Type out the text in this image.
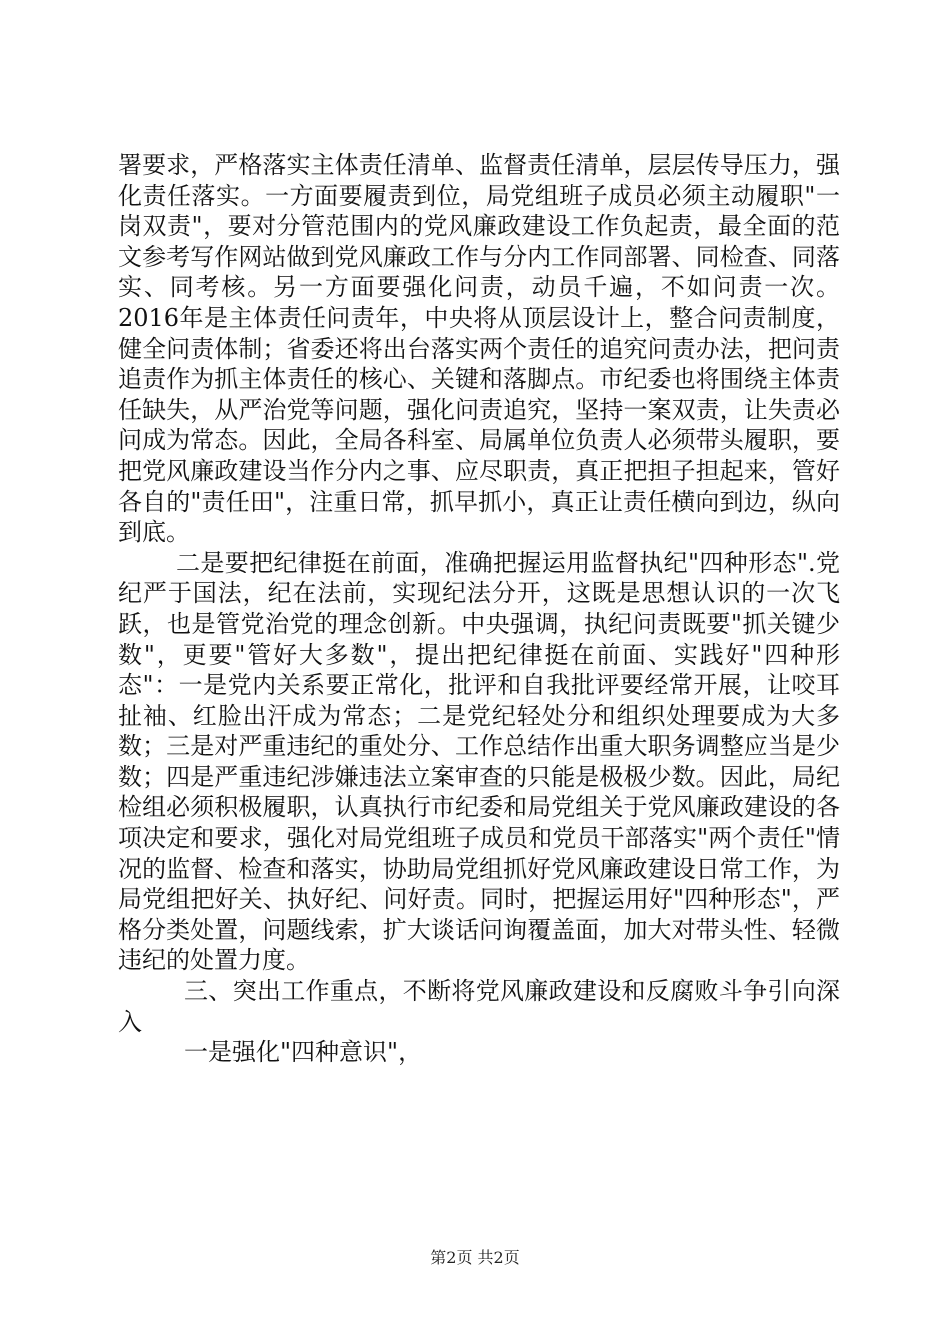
署要求，严格落实主体责任清单、监督责任清单，层层传导压力，强化责任落实。一方面要履责到位，局党组班子成员必须主动履职"一岗双责"，要对分管范围内的党风廉政建设工作负起责，最全面的范文参考写作网站做到党风廉政工作与分内工作同部署、同检查、同落实、同考核。另一方面要强化问责，动员千遍，不如问责一次。2016年是主体责任问责年，中央将从顶层设计上，整合问责制度，健全问责体制；省委还将出台落实两个责任的追究问责办法，把问责追责作为抓主体责任的核心、关键和落脚点。市纪委也将围绕主体责任缺失，从严治党等问题，强化问责追究，坚持一案双责，让失责必问成为常态。因此，全局各科室、局属单位负责人必须带头履职，要把党风廉政建设当作分内之事、应尽职责，真正把担子担起来，管好各自的"责任田"，注重日常，抓早抓小，真正让责任横向到边，纵向到底。

二是要把纪律挺在前面，准确把握运用监督执纪"四种形态".党纪严于国法，纪在法前，实现纪法分开，这既是思想认识的一次飞跃，也是管党治党的理念创新。中央强调，执纪问责既要"抓关键少数"，更要"管好大多数"，提出把纪律挺在前面、实践好"四种形态"：一是党内关系要正常化，批评和自我批评要经常开展，让咬耳扯袖、红脸出汗成为常态；二是党纪轻处分和组织处理要成为大多数；三是对严重违纪的重处分、工作总结作出重大职务调整应当是少数；四是严重违纪涉嫌违法立案审查的只能是极极少数。因此，局纪检组必须积极履职，认真执行市纪委和局党组关于党风廉政建设的各项决定和要求，强化对局党组班子成员和党员干部落实"两个责任"情况的监督、检查和落实，协助局党组抓好党风廉政建设日常工作，为局党组把好关、执好纪、问好责。同时，把握运用好"四种形态"，严格分类处置，问题线索，扩大谈话问询覆盖面，加大对带头性、轻微违纪的处置力度。

三、突出工作重点，不断将党风廉政建设和反腐败斗争引向深入

一是强化"四种意识"，

第2页 共2页
